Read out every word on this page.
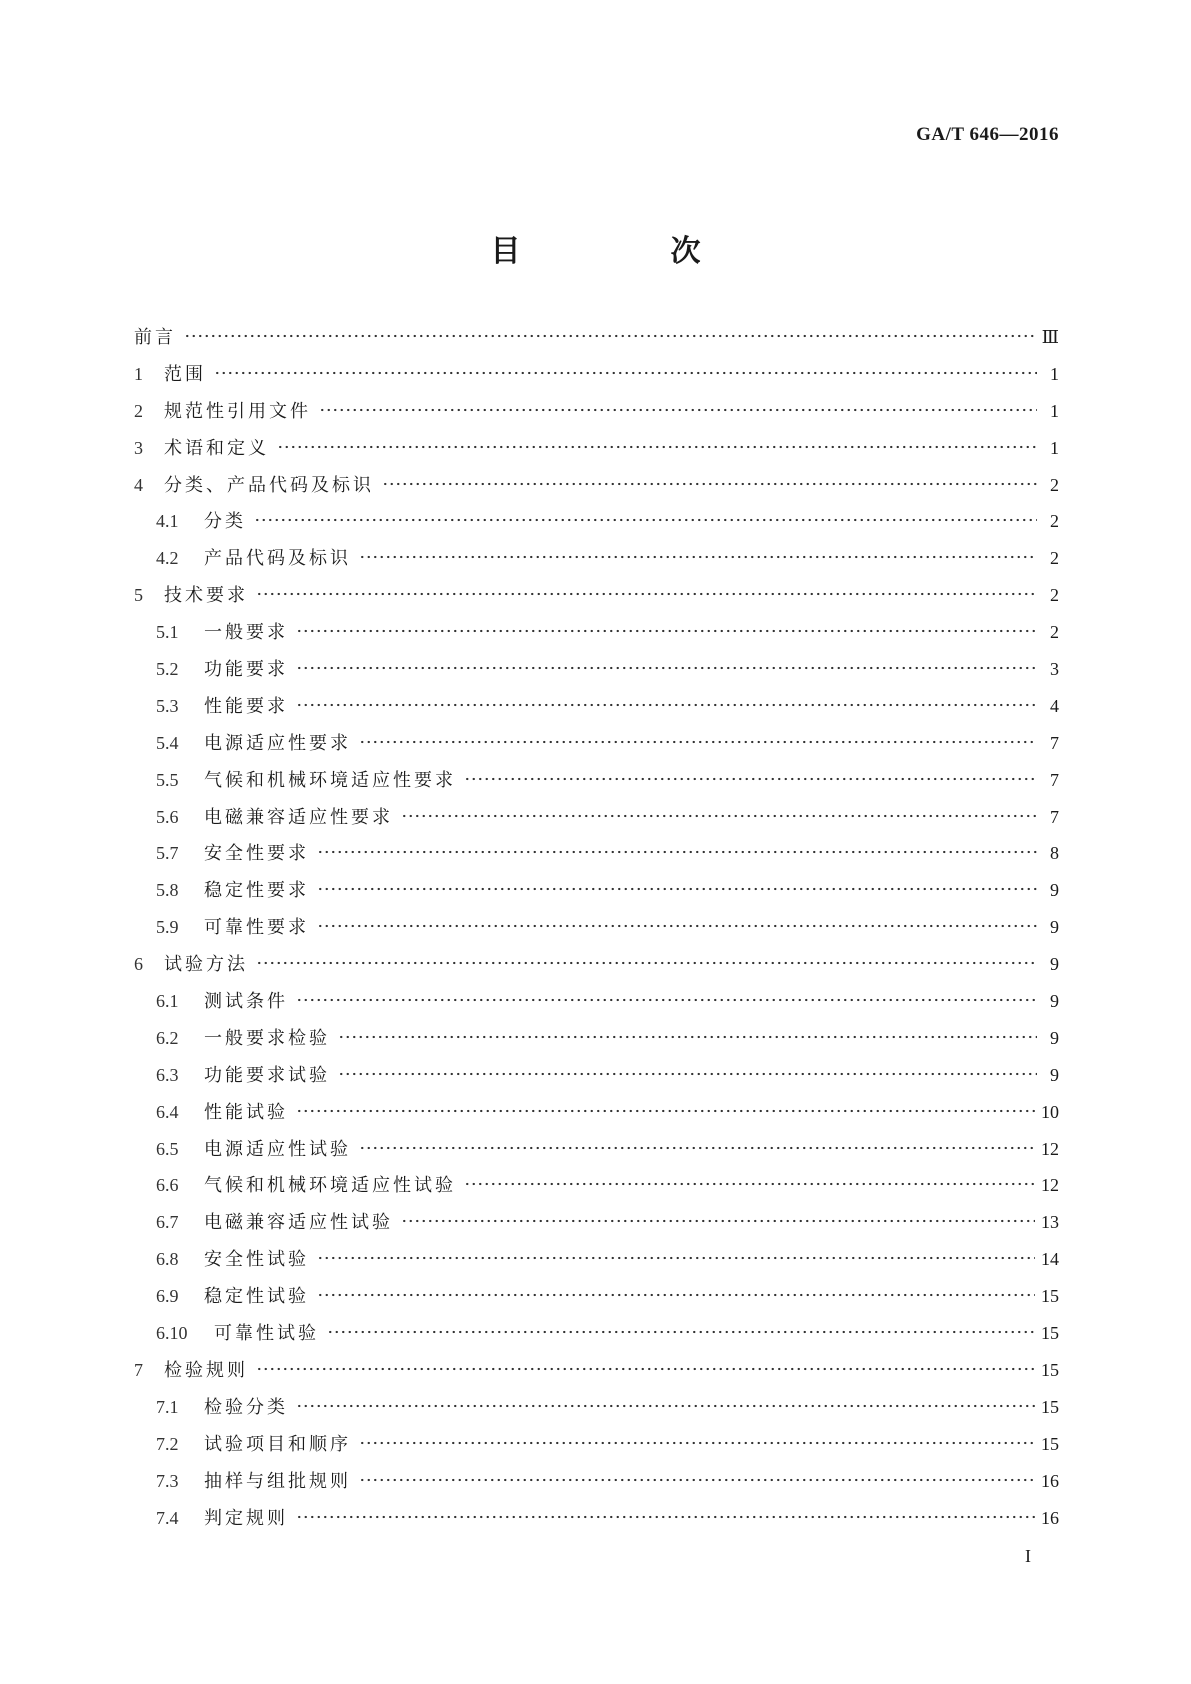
GA/T 646—2016
目　次
前言	Ⅲ
1	范围	1
2	规范性引用文件	1
3	术语和定义	1
4	分类、产品代码及标识	2
4.1	分类	2
4.2	产品代码及标识	2
5	技术要求	2
5.1	一般要求	2
5.2	功能要求	3
5.3	性能要求	4
5.4	电源适应性要求	7
5.5	气候和机械环境适应性要求	7
5.6	电磁兼容适应性要求	7
5.7	安全性要求	8
5.8	稳定性要求	9
5.9	可靠性要求	9
6	试验方法	9
6.1	测试条件	9
6.2	一般要求检验	9
6.3	功能要求试验	9
6.4	性能试验	10
6.5	电源适应性试验	12
6.6	气候和机械环境适应性试验	12
6.7	电磁兼容适应性试验	13
6.8	安全性试验	14
6.9	稳定性试验	15
6.10	可靠性试验	15
7	检验规则	15
7.1	检验分类	15
7.2	试验项目和顺序	15
7.3	抽样与组批规则	16
7.4	判定规则	16
I
